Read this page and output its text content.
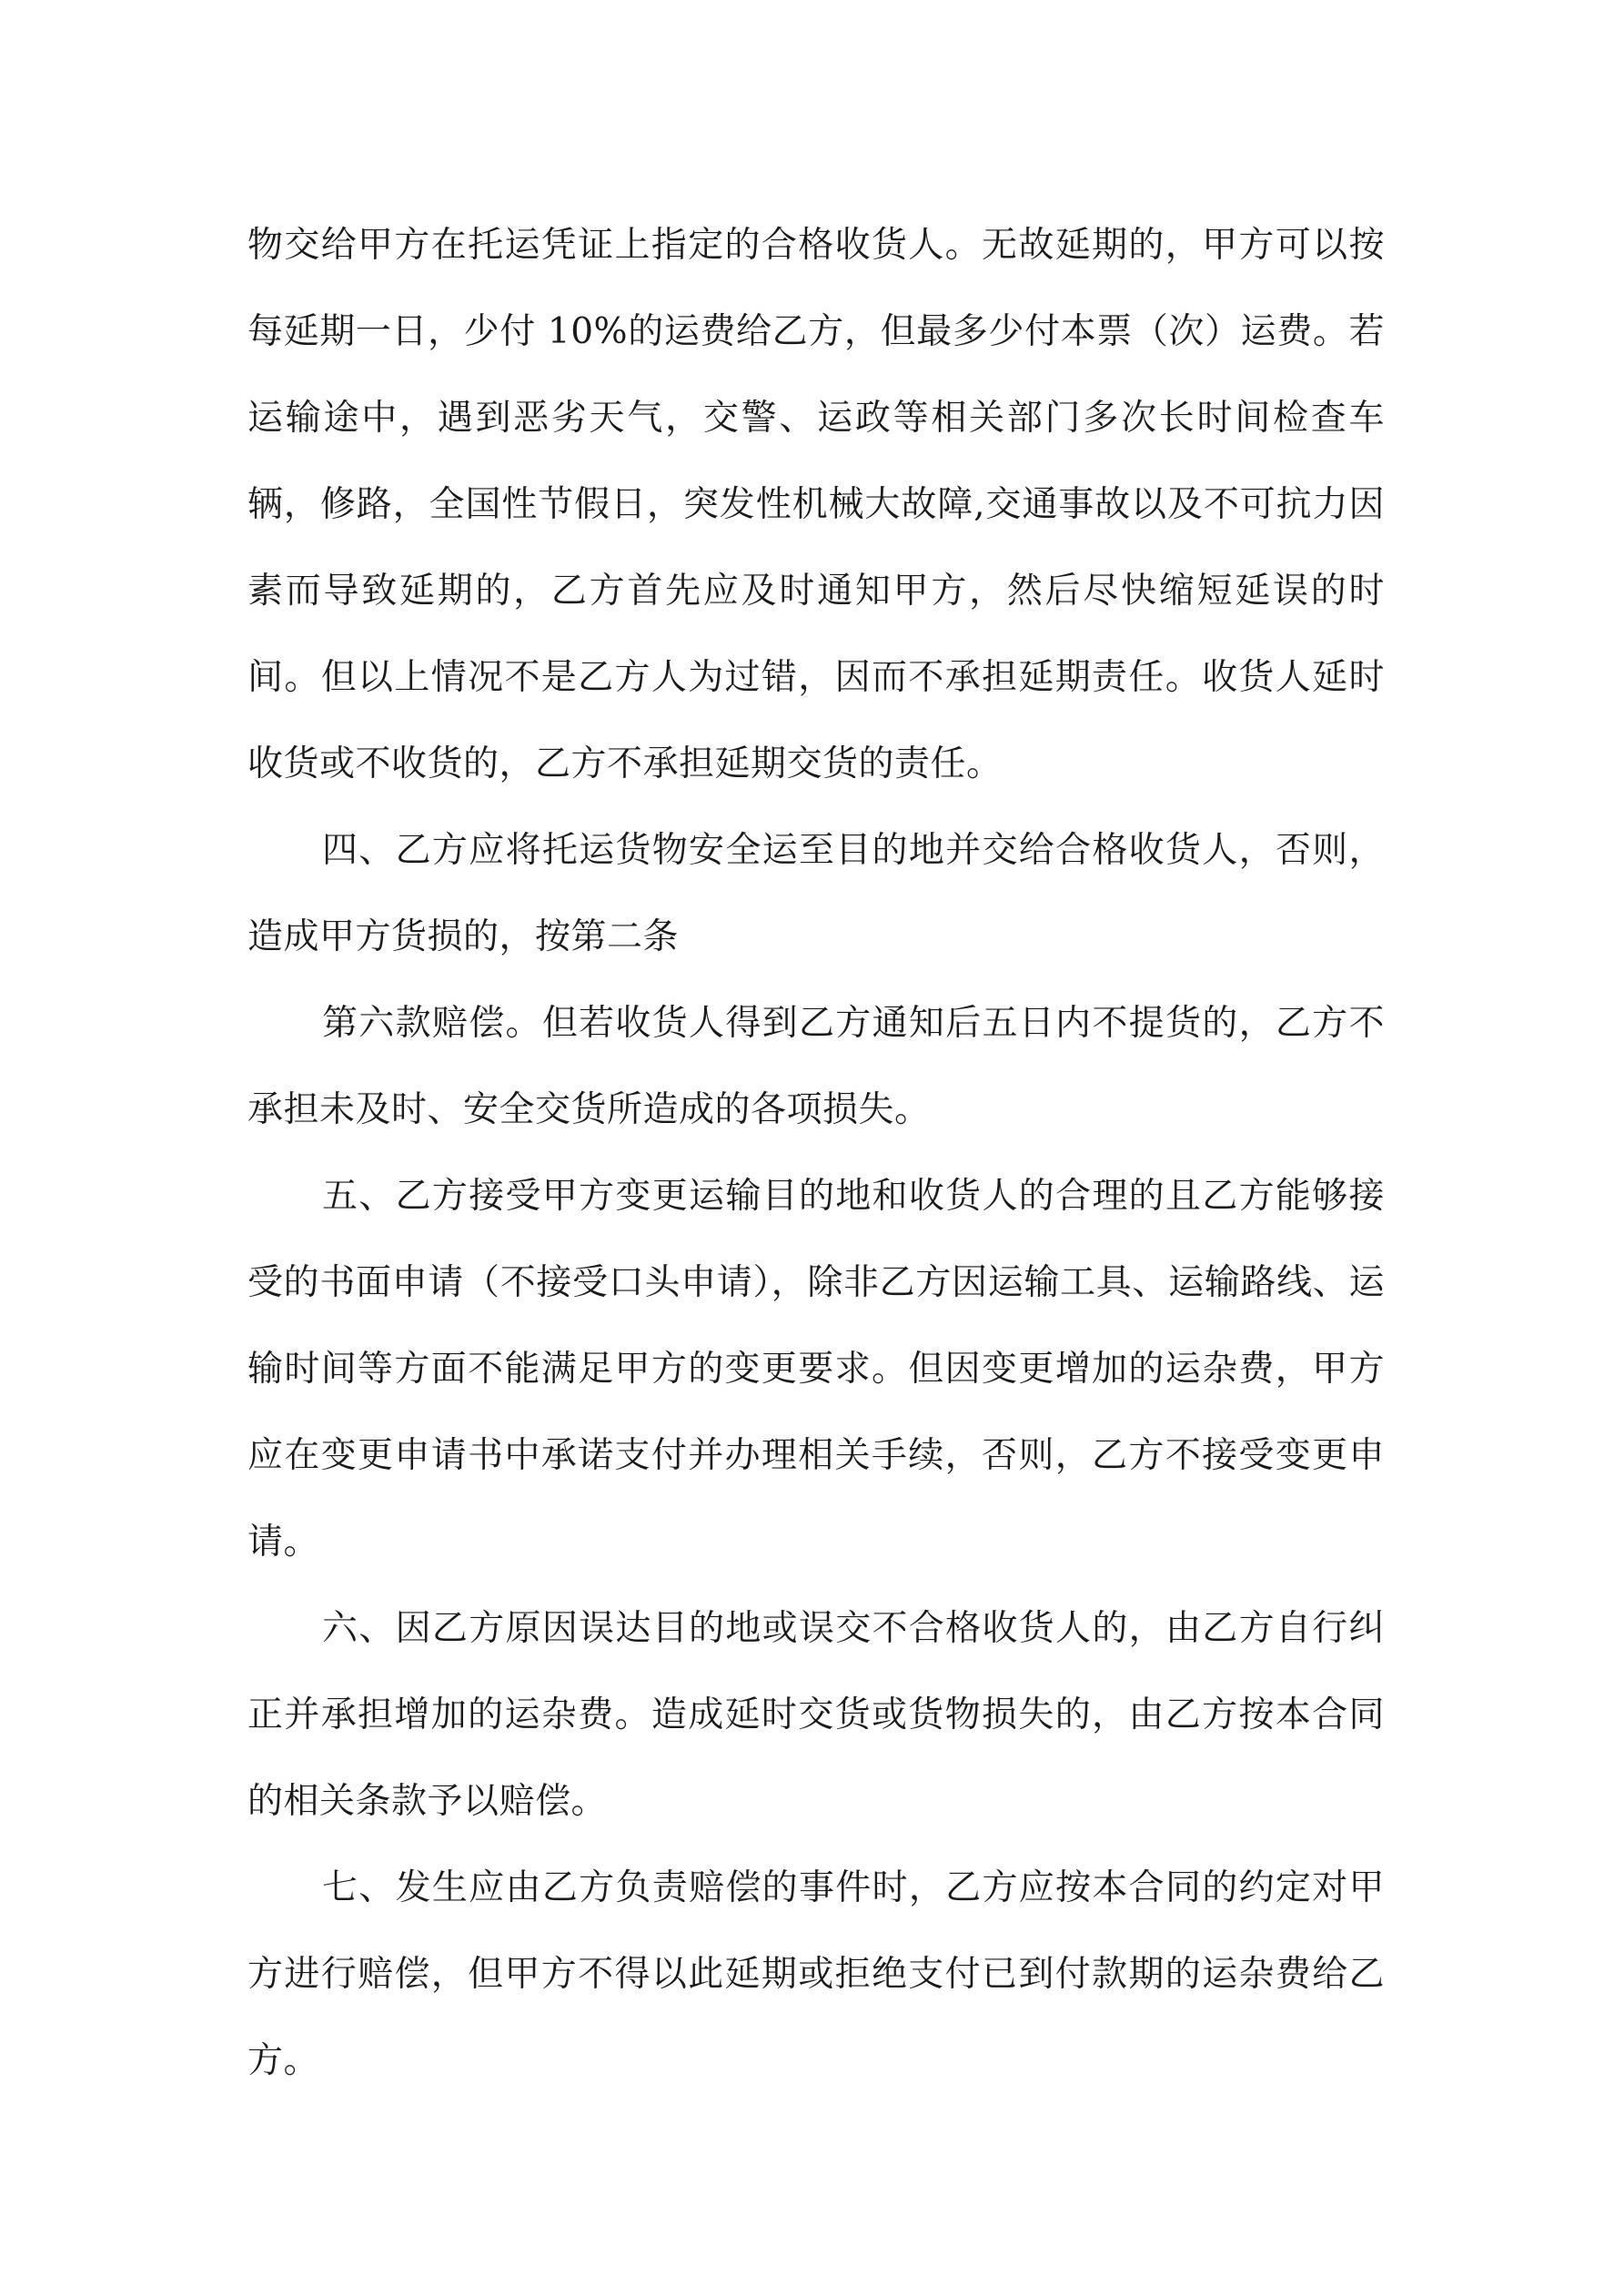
物交给甲方在托运凭证上指定的合格收货人。无故延期的，甲方可以按每延期一日，少付 10%的运费给乙方，但最多少付本票（次）运费。若运输途中，遇到恶劣天气，交警、运政等相关部门多次长时间检查车辆，修路，全国性节假日，突发性机械大故障,交通事故以及不可抗力因素而导致延期的，乙方首先应及时通知甲方，然后尽快缩短延误的时间。但以上情况不是乙方人为过错，因而不承担延期责任。收货人延时收货或不收货的，乙方不承担延期交货的责任。

四、乙方应将托运货物安全运至目的地并交给合格收货人，否则，造成甲方货损的，按第二条

第六款赔偿。但若收货人得到乙方通知后五日内不提货的，乙方不承担未及时、安全交货所造成的各项损失。

五、乙方接受甲方变更运输目的地和收货人的合理的且乙方能够接受的书面申请（不接受口头申请），除非乙方因运输工具、运输路线、运输时间等方面不能满足甲方的变更要求。但因变更增加的运杂费，甲方应在变更申请书中承诺支付并办理相关手续，否则，乙方不接受变更申请。

六、因乙方原因误达目的地或误交不合格收货人的，由乙方自行纠正并承担增加的运杂费。造成延时交货或货物损失的，由乙方按本合同的相关条款予以赔偿。

七、发生应由乙方负责赔偿的事件时，乙方应按本合同的约定对甲方进行赔偿，但甲方不得以此延期或拒绝支付已到付款期的运杂费给乙方。
